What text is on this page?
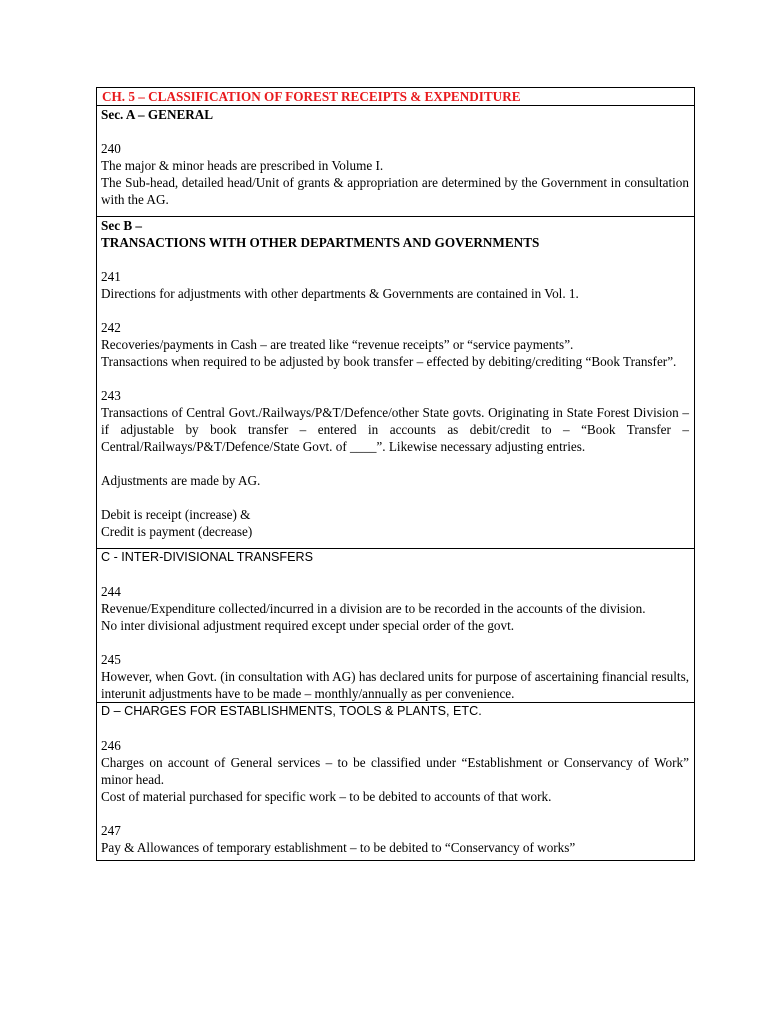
CH. 5 – CLASSIFICATION OF FOREST RECEIPTS & EXPENDITURE
Sec. A – GENERAL
240

The major & minor heads are prescribed in Volume I.

The Sub-head, detailed head/Unit of grants & appropriation are determined by the Government in consultation with the AG.

Sec B –
TRANSACTIONS WITH OTHER DEPARTMENTS AND GOVERNMENTS
241

Directions for adjustments with other departments & Governments are contained in Vol. 1.

242

Recoveries/payments in Cash – are treated like “revenue receipts” or “service payments”.

Transactions when required to be adjusted by book transfer – effected by debiting/crediting “Book Transfer”.

243

Transactions of Central Govt./Railways/P&T/Defence/other State govts. Originating in State Forest Division – if adjustable by book transfer – entered in accounts as debit/credit to – “Book Transfer – Central/Railways/P&T/Defence/State Govt. of ____”. Likewise necessary adjusting entries.

Adjustments are made by AG.

Debit is receipt (increase) &

Credit is payment (decrease)

C - INTER-DIVISIONAL TRANSFERS
244

Revenue/Expenditure collected/incurred in a division are to be recorded in the accounts of the division.

No inter divisional adjustment required except under special order of the govt.

245

However, when Govt. (in consultation with AG) has declared units for purpose of ascertaining financial results, interunit adjustments have to be made – monthly/annually as per convenience.

D – CHARGES FOR ESTABLISHMENTS, TOOLS & PLANTS, ETC.
246

Charges on account of General services – to be classified under “Establishment or Conservancy of Work” minor head.

Cost of material purchased for specific work – to be debited to accounts of that work.

247

Pay & Allowances of temporary establishment – to be debited to “Conservancy of works”
